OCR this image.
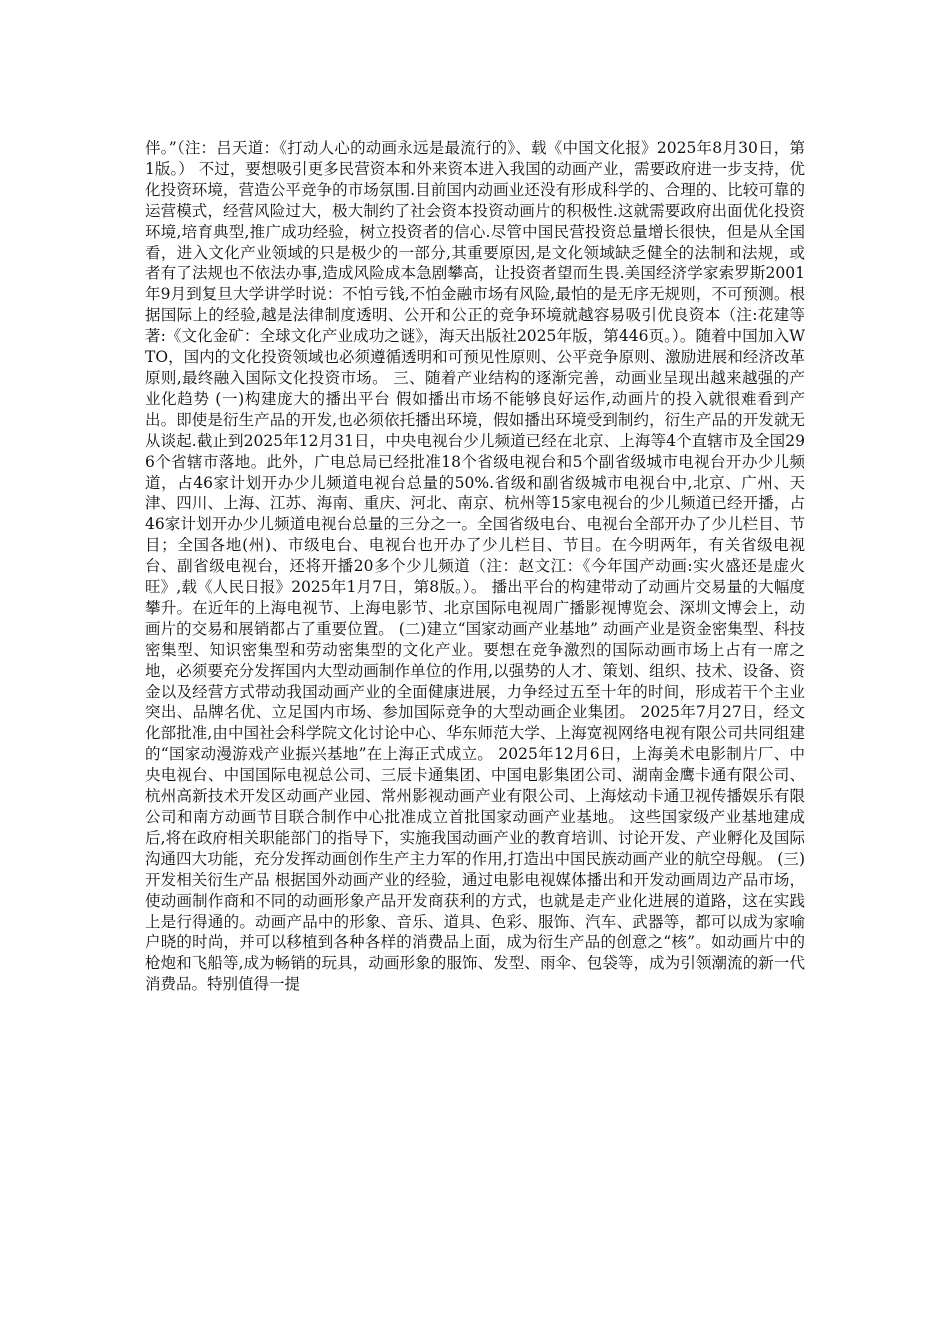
伴。”（注：吕天道：《打动人心的动画永远是最流行的》、载《中国文化报》2025年8月30日，第1版。） 不过，要想吸引更多民营资本和外来资本进入我国的动画产业，需要政府进一步支持，优化投资环境，营造公平竞争的市场氛围.目前国内动画业还没有形成科学的、合理的、比较可靠的运营模式，经营风险过大，极大制约了社会资本投资动画片的积极性.这就需要政府出面优化投资环境,培育典型,推广成功经验，树立投资者的信心.尽管中国民营投资总量增长很快，但是从全国看，进入文化产业领域的只是极少的一部分,其重要原因,是文化领域缺乏健全的法制和法规，或者有了法规也不依法办事,造成风险成本急剧攀高，让投资者望而生畏.美国经济学家索罗斯2001年9月到复旦大学讲学时说：不怕亏钱,不怕金融市场有风险,最怕的是无序无规则，不可预测。根据国际上的经验,越是法律制度透明、公开和公正的竞争环境就越容易吸引优良资本（注:花建等著:《文化金矿：全球文化产业成功之谜》，海天出版社2025年版，第446页。）。随着中国加入WTO，国内的文化投资领域也必须遵循透明和可预见性原则、公平竞争原则、激励进展和经济改革原则,最终融入国际文化投资市场。 三、随着产业结构的逐渐完善，动画业呈现出越来越强的产业化趋势 (一)构建庞大的播出平台 假如播出市场不能够良好运作,动画片的投入就很难看到产出。即使是衍生产品的开发,也必须依托播出环境，假如播出环境受到制约，衍生产品的开发就无从谈起.截止到2025年12月31日，中央电视台少儿频道已经在北京、上海等4个直辖市及全国296个省辖市落地。此外，广电总局已经批准18个省级电视台和5个副省级城市电视台开办少儿频道，占46家计划开办少儿频道电视台总量的50%.省级和副省级城市电视台中,北京、广州、天津、四川、上海、江苏、海南、重庆、河北、南京、杭州等15家电视台的少儿频道已经开播，占46家计划开办少儿频道电视台总量的三分之一。全国省级电台、电视台全部开办了少儿栏目、节目；全国各地(州)、市级电台、电视台也开办了少儿栏目、节目。在今明两年，有关省级电视台、副省级电视台，还将开播20多个少儿频道（注：赵文江：《今年国产动画:实火盛还是虚火旺》,载《人民日报》2025年1月7日，第8版。）。 播出平台的构建带动了动画片交易量的大幅度攀升。在近年的上海电视节、上海电影节、北京国际电视周广播影视博览会、深圳文博会上，动画片的交易和展销都占了重要位置。 (二)建立“国家动画产业基地” 动画产业是资金密集型、科技密集型、知识密集型和劳动密集型的文化产业。要想在竞争激烈的国际动画市场上占有一席之地，必须要充分发挥国内大型动画制作单位的作用,以强势的人才、策划、组织、技术、设备、资金以及经营方式带动我国动画产业的全面健康进展，力争经过五至十年的时间，形成若干个主业突出、品牌名优、立足国内市场、参加国际竞争的大型动画企业集团。 2025年7月27日，经文化部批准,由中国社会科学院文化讨论中心、华东师范大学、上海宽视网络电视有限公司共同组建的“国家动漫游戏产业振兴基地”在上海正式成立。 2025年12月6日，上海美术电影制片厂、中央电视台、中国国际电视总公司、三辰卡通集团、中国电影集团公司、湖南金鹰卡通有限公司、杭州高新技术开发区动画产业园、常州影视动画产业有限公司、上海炫动卡通卫视传播娱乐有限公司和南方动画节目联合制作中心批准成立首批国家动画产业基地。 这些国家级产业基地建成后,将在政府相关职能部门的指导下，实施我国动画产业的教育培训、讨论开发、产业孵化及国际沟通四大功能，充分发挥动画创作生产主力军的作用,打造出中国民族动画产业的航空母舰。 (三)开发相关衍生产品 根据国外动画产业的经验，通过电影电视媒体播出和开发动画周边产品市场，使动画制作商和不同的动画形象产品开发商获利的方式，也就是走产业化进展的道路，这在实践上是行得通的。动画产品中的形象、音乐、道具、色彩、服饰、汽车、武器等，都可以成为家喻户晓的时尚，并可以移植到各种各样的消费品上面，成为衍生产品的创意之“核”。如动画片中的枪炮和飞船等,成为畅销的玩具，动画形象的服饰、发型、雨伞、包袋等，成为引领潮流的新一代消费品。特别值得一提
